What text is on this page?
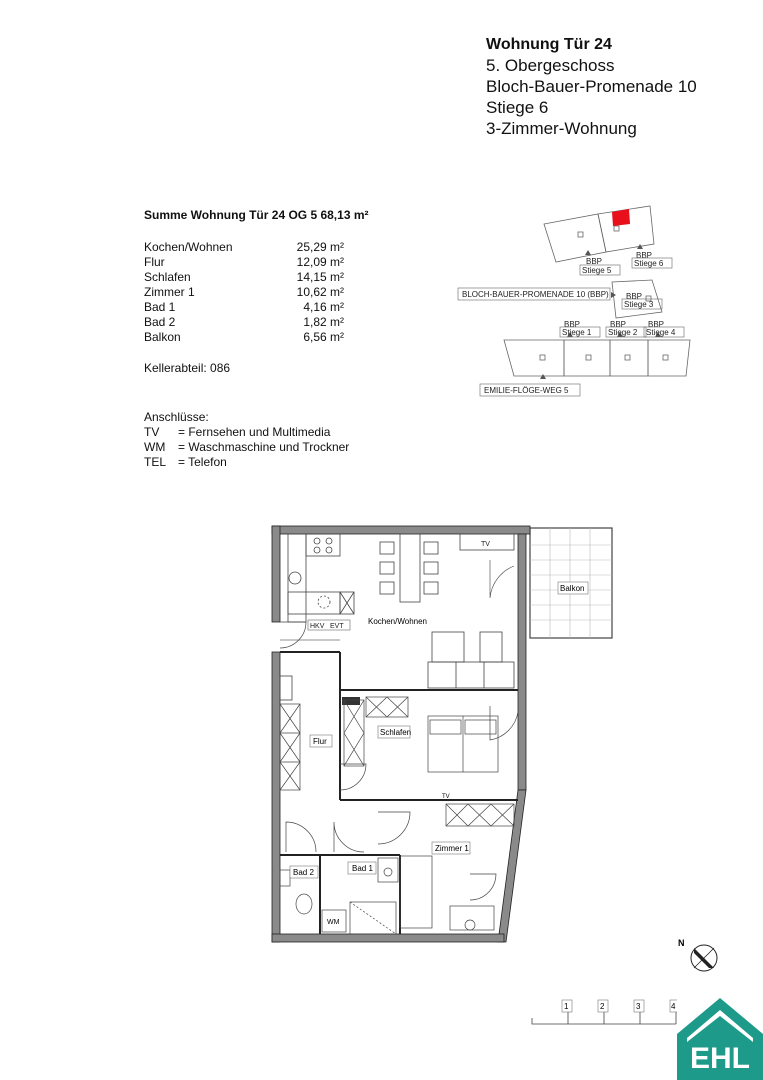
Wohnung Tür 24
5. Obergeschoss
Bloch-Bauer-Promenade 10
Stiege 6
3-Zimmer-Wohnung
Summe Wohnung Tür 24 OG 5 68,13 m²
Kochen/Wohnen	25,29 m²
Flur	12,09 m²
Schlafen	14,15 m²
Zimmer 1	10,62 m²
Bad 1	4,16 m²
Bad 2	1,82 m²
Balkon	6,56 m²
Kellerabteil: 086
Anschlüsse:
TV = Fernsehen und Multimedia
WM = Waschmaschine und Trockner
TEL = Telefon
BBP
Stiege 5
BBP
Stiege 6
BLOCH-BAUER-PROMENADE 10 (BBP) BBP
Stiege 3
BBP
Stiege 1
BBP
Stiege 2
BBP
Stiege 4
EMILIE-FLÖGE-WEG 5
Balkon
HKV EVT
TV
Kochen/Wohnen
Flur
Schlafen
TV
Zimmer 1
Bad 2	Bad 1
WM
N
1	2	3	4
EHL
